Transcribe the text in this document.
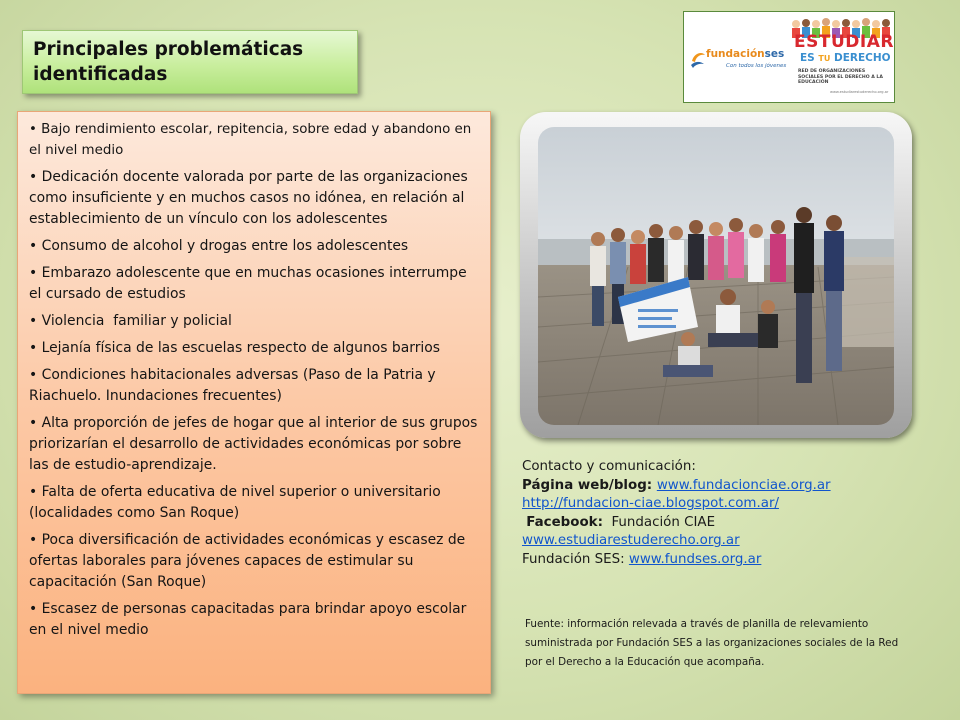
Principales problemáticas identificadas
• Bajo rendimiento escolar, repitencia, sobre edad y abandono en el nivel medio
• Dedicación docente valorada por parte de las organizaciones como insuficiente y en muchos casos no idónea, en relación al establecimiento de un vínculo con los adolescentes
• Consumo de alcohol y drogas entre los adolescentes
• Embarazo adolescente que en muchas ocasiones interrumpe el cursado de estudios
• Violencia  familiar y policial
• Lejanía física de las escuelas respecto de algunos barrios
• Condiciones habitacionales adversas (Paso de la Patria y Riachuelo. Inundaciones frecuentes)
• Alta proporción de jefes de hogar que al interior de sus grupos priorizarían el desarrollo de actividades económicas por sobre las de estudio-aprendizaje.
• Falta de oferta educativa de nivel superior o universitario (localidades como San Roque)
• Poca diversificación de actividades económicas y escasez de ofertas laborales para jóvenes capaces de estimular su capacitación (San Roque)
• Escasez de personas capacitadas para brindar apoyo escolar en el nivel medio
fundaciónses
Con todos los jóvenes
ESTUDIAR
ES TU DERECHO
RED DE ORGANIZACIONES SOCIALES POR EL DERECHO A LA EDUCACIÓN
www.estudiarestuderecho.org.ar
Contacto y comunicación:
Página web/blog: www.fundacionciae.org.ar
http://fundacion-ciae.blogspot.com.ar/
Facebook: Fundación CIAE
www.estudiarestuderecho.org.ar
Fundación SES: www.fundses.org.ar
Fuente: información relevada a través de planilla de relevamiento suministrada por Fundación SES a las organizaciones sociales de la Red por el Derecho a la Educación que acompaña.
